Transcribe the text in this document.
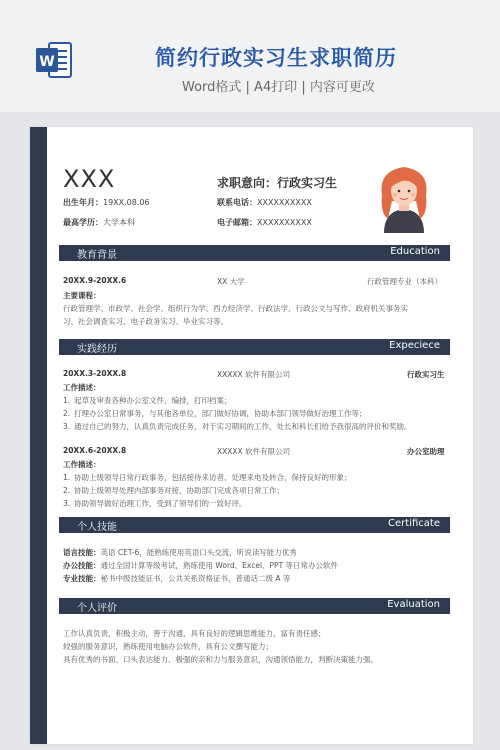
W	简约行政实习生求职简历
Word格式 | A4打印 | 内容可更改
XXX
出生年月：19XX.08.06
最高学历：大学本科
求职意向：行政实习生
联系电话：XXXXXXXXXX
电子邮箱：XXXXXXXXXX
教育背景	Education
20XX.9-20XX.6	XX 大学	行政管理专业（本科）
主要课程：
行政管理学、市政学、社会学、组织行为学、西方经济学、行政法学、行政公文与写作、政府机关事务实
习、社会调查实习、电子政务实习、毕业实习等。
实践经历	Expeciece
20XX.3-20XX.8	XXXXX 软件有限公司	行政实习生
工作描述：
1. 起草及审查各种办公室文件，编排，打印档案；
2. 打理办公室日常事务，与其他各单位，部门做好协调，协助本部门领导做好治理工作等；
3. 通过自己的努力，认真负责完成任务，对于实习期间的工作，处长和科长们给予我很高的评价和奖励。
20XX.6-20XX.8	XXXXX 软件有限公司	办公室助理
工作描述：
1. 协助上级领导日常行政事务，包括接待来访者、处理来电及转合，保持良好的形象；
2. 协助上级领导处理内部事务对接，协助部门完成各项日常工作；
3. 协助领导做好治理工作，受到了领导们的一致好评。
个人技能	Certificate
语言技能：英语 CET-6，能熟练使用英语口头交流，听说读写能力优秀
办公技能：通过全国计算等级考试，熟练使用 Word、Excel、PPT 等日常办公软件
专业技能：秘书中级技能证书，公共关系资格证书，普通话二级 A 等
个人评价	Evaluation
工作认真负责，积极主动，善于沟通，具有良好的逻辑思维能力，富有责任感；
较强的服务意识，熟练使用电脑办公软件，具有公文撰写能力；
具有优秀的书面、口头表达能力、极强的亲和力与服务意识，沟通领悟能力，判断决策能力强。
